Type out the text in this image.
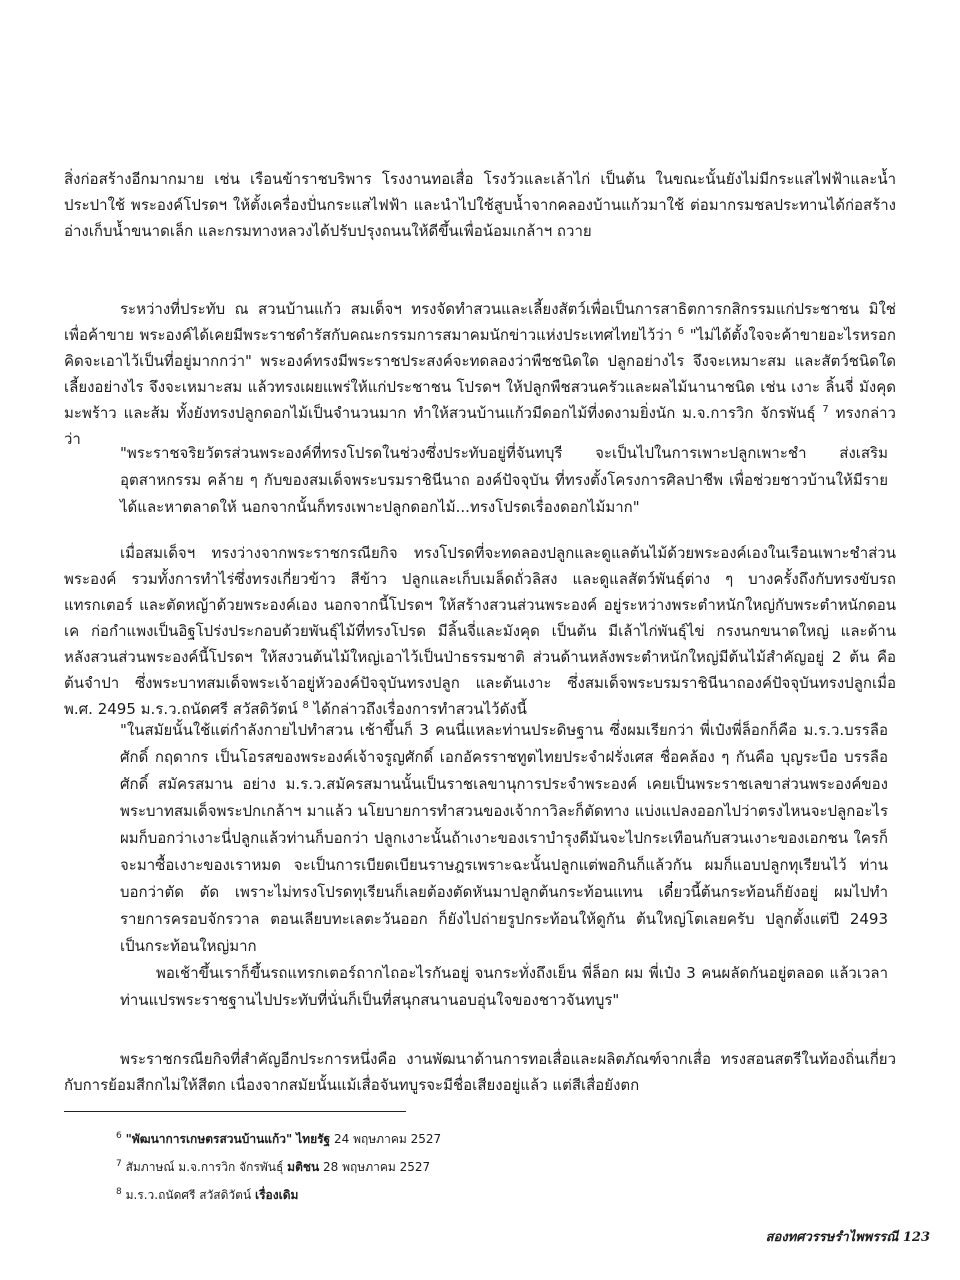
สิ่งก่อสร้างอีกมากมาย เช่น เรือนข้าราชบริพาร โรงงานทอเสื่อ โรงวัวและเล้าไก่ เป็นต้น ในขณะนั้นยังไม่มีกระแสไฟฟ้าและน้ำประปาใช้ พระองค์โปรดฯ ให้ตั้งเครื่องปั่นกระแสไฟฟ้า และนำไปใช้สูบน้ำจากคลองบ้านแก้วมาใช้ ต่อมากรมชลประทานได้ก่อสร้างอ่างเก็บน้ำขนาดเล็ก และกรมทางหลวงได้ปรับปรุงถนนให้ดีขึ้นเพื่อน้อมเกล้าฯ ถวาย

ระหว่างที่ประทับ ณ สวนบ้านแก้ว สมเด็จฯ ทรงจัดทำสวนและเลี้ยงสัตว์เพื่อเป็นการสาธิตการกสิกรรมแก่ประชาชน มิใช่เพื่อค้าขาย พระองค์ได้เคยมีพระราชดำรัสกับคณะกรรมการสมาคมนักข่าวแห่งประเทศไทยไว้ว่า $^6$ "ไม่ได้ตั้งใจจะค้าขายอะไรหรอก คิดจะเอาไว้เป็นที่อยู่มากกว่า" พระองค์ทรงมีพระราชประสงค์จะทดลองว่าพืชชนิดใด ปลูกอย่างไร จึงจะเหมาะสม และสัตว์ชนิดใดเลี้ยงอย่างไร จึงจะเหมาะสม แล้วทรงเผยแพร่ให้แก่ประชาชน โปรดฯ ให้ปลูกพืชสวนครัวและผลไม้นานาชนิด เช่น เงาะ ลิ้นจี่ มังคุด มะพร้าว และส้ม ทั้งยังทรงปลูกดอกไม้เป็นจำนวนมาก ทำให้สวนบ้านแก้วมีดอกไม้ที่งดงามยิ่งนัก ม.จ.การวิก จักรพันธุ์ $^7$ ทรงกล่าวว่า

"พระราชจริยวัตรส่วนพระองค์ที่ทรงโปรดในช่วงซึ่งประทับอยู่ที่จันทบุรี จะเป็นไปในการเพาะปลูกเพาะชำ ส่งเสริมอุตสาหกรรม คล้าย ๆ กับของสมเด็จพระบรมราชินีนาถ องค์ปัจจุบัน ที่ทรงตั้งโครงการศิลปาชีพ เพื่อช่วยชาวบ้านให้มีรายได้และหาตลาดให้ นอกจากนั้นก็ทรงเพาะปลูกดอกไม้...ทรงโปรดเรื่องดอกไม้มาก"

เมื่อสมเด็จฯ ทรงว่างจากพระราชกรณียกิจ ทรงโปรดที่จะทดลองปลูกและดูแลต้นไม้ด้วยพระองค์เองในเรือนเพาะชำส่วนพระองค์ รวมทั้งการทำไร่ซึ่งทรงเกี่ยวข้าว สีข้าว ปลูกและเก็บเมล็ดถั่วลิสง และดูแลสัตว์พันธุ์ต่าง ๆ บางครั้งถึงกับทรงขับรถแทรกเตอร์ และตัดหญ้าด้วยพระองค์เอง นอกจากนี้โปรดฯ ให้สร้างสวนส่วนพระองค์ อยู่ระหว่างพระตำหนักใหญ่กับพระตำหนักดอนเค ก่อกำแพงเป็นอิฐโปร่งประกอบด้วยพันธุ์ไม้ที่ทรงโปรด มีลิ้นจี่และมังคุด เป็นต้น มีเล้าไก่พันธุ์ไข่ กรงนกขนาดใหญ่ และด้านหลังสวนส่วนพระองค์นี้โปรดฯ ให้สงวนต้นไม้ใหญ่เอาไว้เป็นป่าธรรมชาติ ส่วนด้านหลังพระตำหนักใหญ่มีต้นไม้สำคัญอยู่ 2 ต้น คือ ต้นจำปา ซึ่งพระบาทสมเด็จพระเจ้าอยู่หัวองค์ปัจจุบันทรงปลูก และต้นเงาะ ซึ่งสมเด็จพระบรมราชินีนาถองค์ปัจจุบันทรงปลูกเมื่อ พ.ศ. 2495 ม.ร.ว.ถนัดศรี สวัสดิวัตน์ $^8$ ได้กล่าวถึงเรื่องการทำสวนไว้ดังนี้

"ในสมัยนั้นใช้แต่กำลังกายไปทำสวน เช้าขึ้นก็ 3 คนนี่แหละท่านประดิษฐาน ซึ่งผมเรียกว่า พี่เป๋งพี่ล็อกก็คือ ม.ร.ว.บรรลือศักดิ์ กฤดากร เป็นโอรสของพระองค์เจ้าจรูญศักดิ์ เอกอัครราชทูตไทยประจำฝรั่งเศส ชื่อคล้อง ๆ กันคือ บุญระบือ บรรลือศักดิ์ สมัครสมาน อย่าง ม.ร.ว.สมัครสมานนั้นเป็นราชเลขานุการประจำพระองค์ เคยเป็นพระราชเลขาส่วนพระองค์ของพระบาทสมเด็จพระปกเกล้าฯ มาแล้ว นโยบายการทำสวนของเจ้ากาวิละก็ตัดทาง แบ่งแปลงออกไปว่าตรงไหนจะปลูกอะไร ผมก็บอกว่าเงาะนี่ปลูกแล้วท่านก็บอกว่า ปลูกเงาะนั้นถ้าเงาะของเราบำรุงดีมันจะไปกระเทือนกับสวนเงาะของเอกชน ใครก็จะมาซื้อเงาะของเราหมด จะเป็นการเบียดเบียนราษฎรเพราะฉะนั้นปลูกแต่พอกินก็แล้วกัน ผมก็แอบปลูกทุเรียนไว้ ท่านบอกว่าตัด ตัด เพราะไม่ทรงโปรดทุเรียนก็เลยต้องตัดหันมาปลูกต้นกระท้อนแทน เดี๋ยวนี้ต้นกระท้อนก็ยังอยู่ ผมไปทำรายการครอบจักรวาล ตอนเลียบทะเลตะวันออก ก็ยังไปถ่ายรูปกระท้อนให้ดูกัน ต้นใหญ่โตเลยครับ ปลูกตั้งแต่ปี 2493 เป็นกระท้อนใหญ่มาก

พอเช้าขึ้นเราก็ขึ้นรถแทรกเตอร์ถากไถอะไรกันอยู่ จนกระทั่งถึงเย็น พี่ล็อก ผม พี่เป๋ง 3 คนผลัดกันอยู่ตลอด แล้วเวลาท่านแปรพระราชฐานไปประทับที่นั่นก็เป็นที่สนุกสนานอบอุ่นใจของชาวจันทบูร"

พระราชกรณียกิจที่สำคัญอีกประการหนึ่งคือ งานพัฒนาด้านการทอเสื่อและผลิตภัณฑ์จากเสื่อ ทรงสอนสตรีในท้องถิ่นเกี่ยวกับการย้อมสีกกไม่ให้สีตก เนื่องจากสมัยนั้นแม้เสื่อจันทบูรจะมีชื่อเสียงอยู่แล้ว แต่สีเสื่อยังตก

$^6$ "พัฒนาการเกษตรสวนบ้านแก้ว" ไทยรัฐ 24 พฤษภาคม 2527
$^7$ สัมภาษณ์ ม.จ.การวิก จักรพันธุ์ มติชน 28 พฤษภาคม 2527
$^8$ ม.ร.ว.ถนัดศรี สวัสดิวัตน์ เรื่องเดิม
สองทศวรรษรำไพพรรณี 123
